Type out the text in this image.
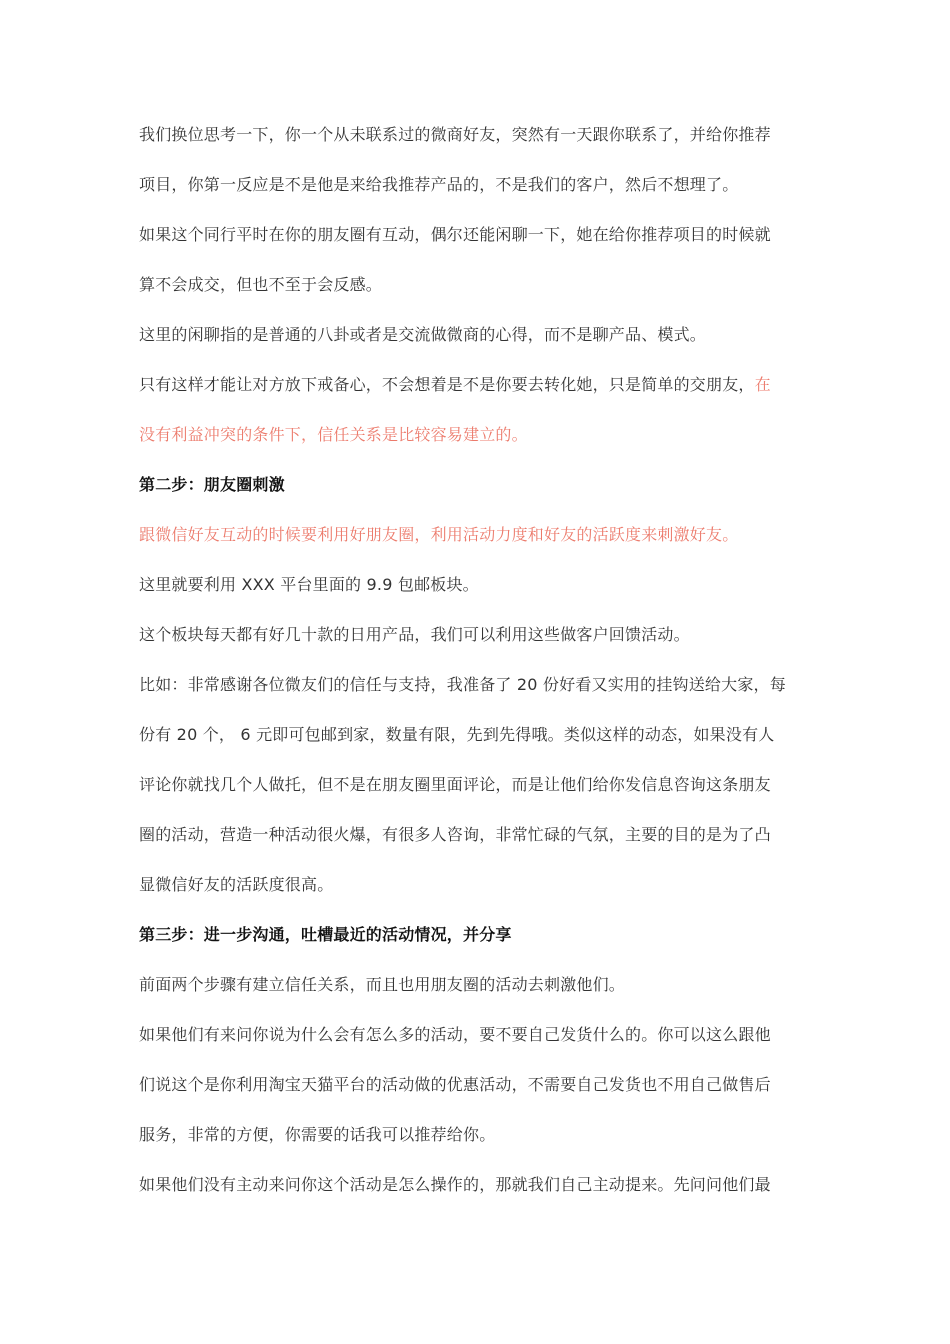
我们换位思考一下，你一个从未联系过的微商好友，突然有一天跟你联系了，并给你推荐
项目，你第一反应是不是他是来给我推荐产品的，不是我们的客户，然后不想理了。
如果这个同行平时在你的朋友圈有互动，偶尔还能闲聊一下，她在给你推荐项目的时候就
算不会成交，但也不至于会反感。
这里的闲聊指的是普通的八卦或者是交流做微商的心得，而不是聊产品、模式。
只有这样才能让对方放下戒备心，不会想着是不是你要去转化她，只是简单的交朋友，在
没有利益冲突的条件下，信任关系是比较容易建立的。
第二步：朋友圈刺激
跟微信好友互动的时候要利用好朋友圈，利用活动力度和好友的活跃度来刺激好友。
这里就要利用 XXX 平台里面的 9.9 包邮板块。
这个板块每天都有好几十款的日用产品，我们可以利用这些做客户回馈活动。
比如：非常感谢各位微友们的信任与支持，我准备了 20 份好看又实用的挂钩送给大家，每
份有 20 个， 6 元即可包邮到家，数量有限，先到先得哦。类似这样的动态，如果没有人
评论你就找几个人做托，但不是在朋友圈里面评论，而是让他们给你发信息咨询这条朋友
圈的活动，营造一种活动很火爆，有很多人咨询，非常忙碌的气氛，主要的目的是为了凸
显微信好友的活跃度很高。
第三步：进一步沟通，吐槽最近的活动情况，并分享
前面两个步骤有建立信任关系，而且也用朋友圈的活动去刺激他们。
如果他们有来问你说为什么会有怎么多的活动，要不要自己发货什么的。你可以这么跟他
们说这个是你利用淘宝天猫平台的活动做的优惠活动，不需要自己发货也不用自己做售后
服务，非常的方便，你需要的话我可以推荐给你。
如果他们没有主动来问你这个活动是怎么操作的，那就我们自己主动提来。先问问他们最
